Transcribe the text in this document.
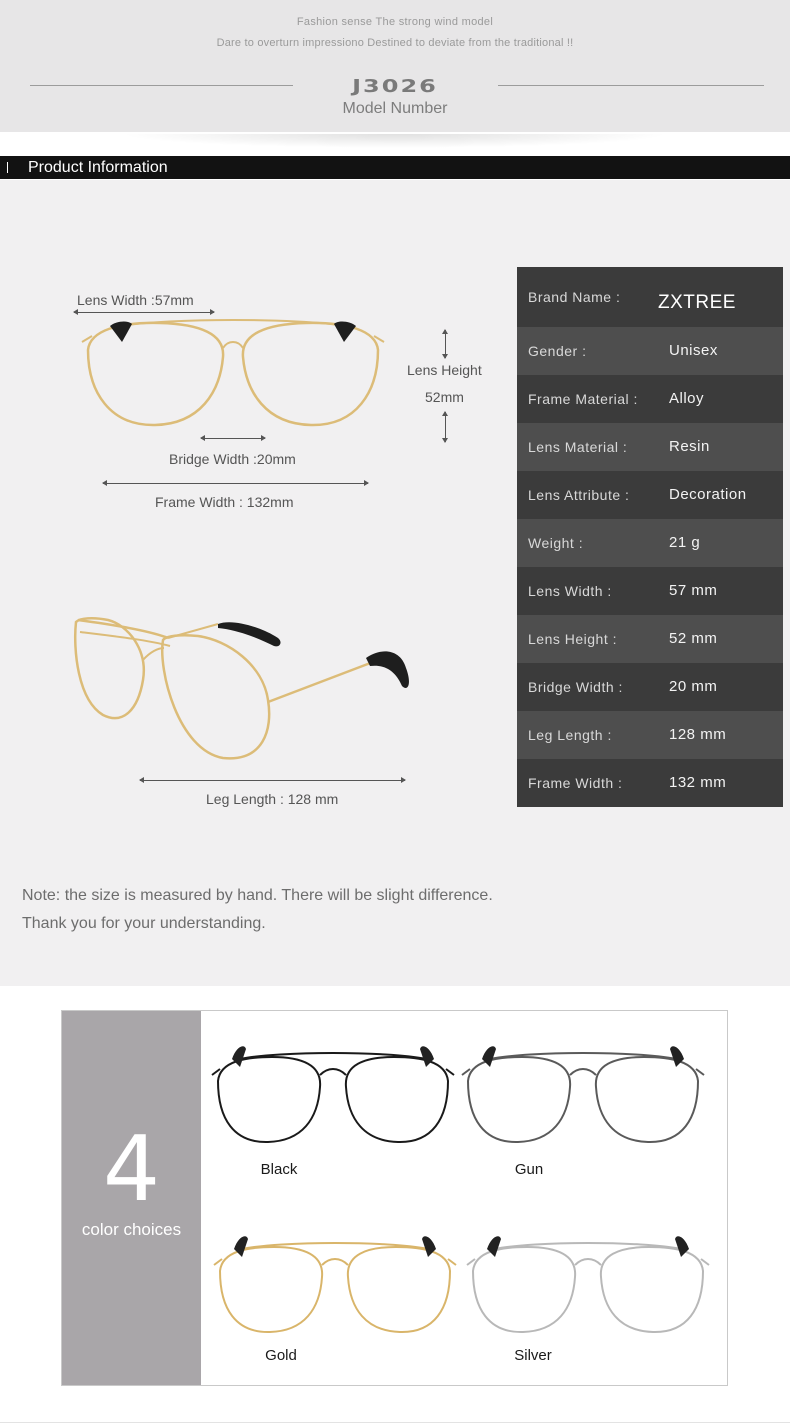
Fashion sense The strong wind model
Dare to overturn impressiono Destined to deviate from the traditional !!
J3026
Model Number
Product Information
Lens Width :57mm
Lens Height
52mm
Bridge Width :20mm
Frame Width : 132mm
Leg Length : 128 mm
Brand Name : ZXTREE
Gender :	Unisex
Frame Material : Alloy
Lens Material :	Resin
Lens Attribute :	Decoration
Weight :	21 g
Lens Width :	57 mm
Lens Height :	52 mm
Bridge Width :	20 mm
Leg Length :	128 mm
Frame Width :	132 mm
Note: the size is measured by hand. There will be slight difference.
Thank you for your understanding.
4
color choices
Black	Gun
Gold	Silver
